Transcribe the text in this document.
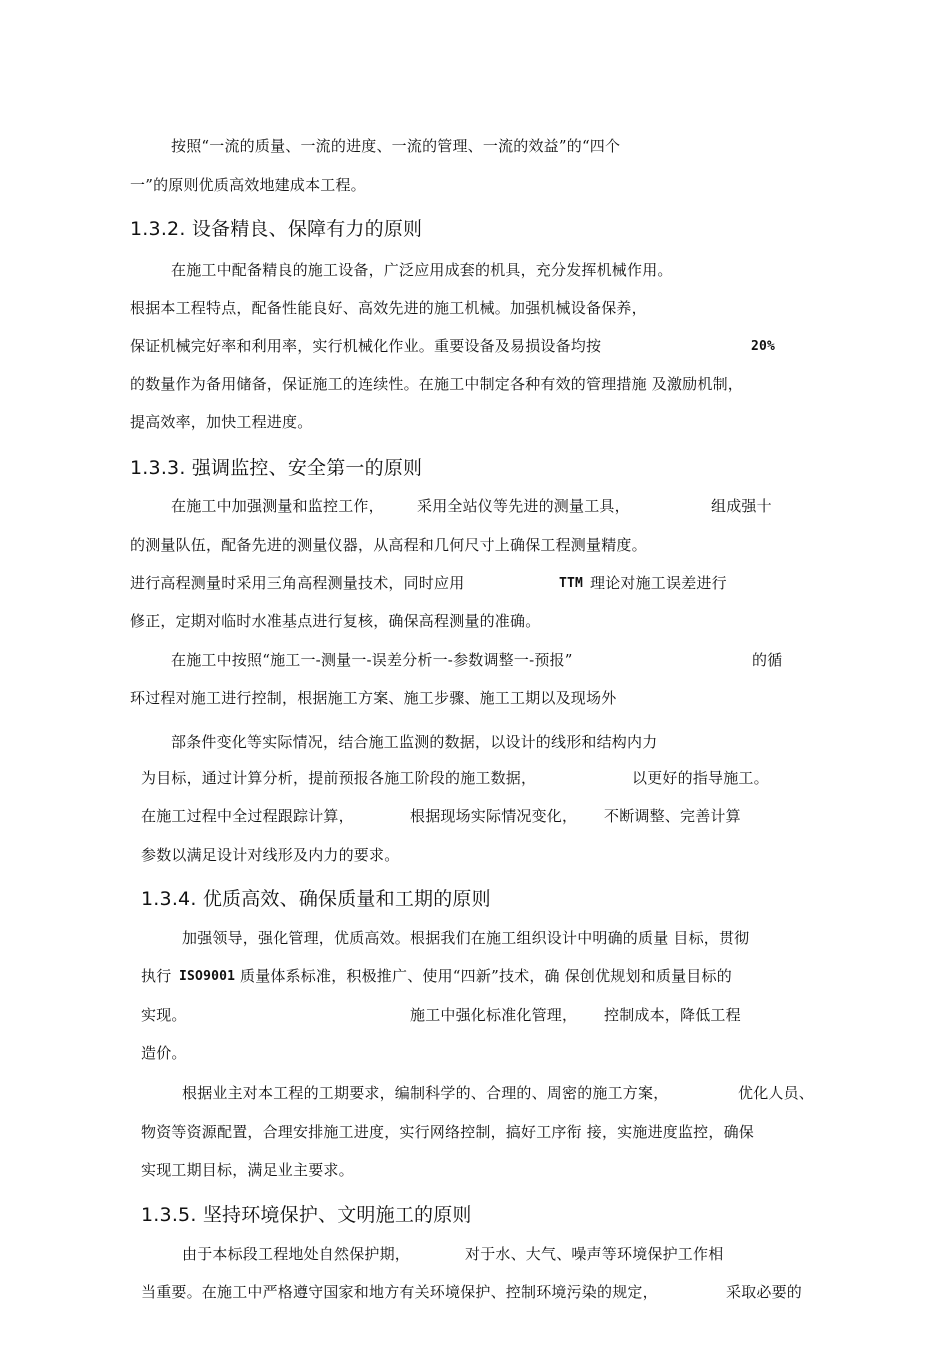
按照“一流的质量、一流的进度、一流的管理、一流的效益”的“四个
一”的原则优质高效地建成本工程。
1.3.2. 设备精良、保障有力的原则
在施工中配备精良的施工设备，广泛应用成套的机具，充分发挥机械作用。
根据本工程特点，配备性能良好、高效先进的施工机械。加强机械设备保养，
保证机械完好率和利用率，实行机械化作业。重要设备及易损设备均按	20%
的数量作为备用储备，保证施工的连续性。在施工中制定各种有效的管理措施 及激励机制，
提高效率，加快工程进度。
1.3.3. 强调监控、安全第一的原则
在施工中加强测量和监控工作， 采用全站仪等先进的测量工具，	组成强十
的测量队伍，配备先进的测量仪器，从高程和几何尺寸上确保工程测量精度。
进行高程测量时采用三角高程测量技术，同时应用	TTM 理论对施工误差进行
修正，定期对临时水准基点进行复核，确保高程测量的准确。
在施工中按照“施工一-测量一-误差分析一-参数调整一-预报”	的循
环过程对施工进行控制，根据施工方案、施工步骤、施工工期以及现场外
部条件变化等实际情况，结合施工监测的数据，以设计的线形和结构内力
为目标，通过计算分析，提前预报各施工阶段的施工数据，	以更好的指导施工。
在施工过程中全过程跟踪计算，	根据现场实际情况变化， 不断调整、完善计算
参数以满足设计对线形及内力的要求。
1.3.4. 优质高效、确保质量和工期的原则
加强领导，强化管理，优质高效。根据我们在施工组织设计中明确的质量 目标，贯彻
执行 ISO9001 质量体系标准，积极推广、使用“四新”技术，确 保创优规划和质量目标的
实现。	施工中强化标准化管理， 控制成本，降低工程
造价。
根据业主对本工程的工期要求，编制科学的、合理的、周密的施工方案，	优化人员、
物资等资源配置，合理安排施工进度，实行网络控制，搞好工序衔 接，实施进度监控，确保
实现工期目标，满足业主要求。
1.3.5. 坚持环境保护、文明施工的原则
由于本标段工程地处自然保护期，	对于水、大气、噪声等环境保护工作相
当重要。在施工中严格遵守国家和地方有关环境保护、控制环境污染的规定，	采取必要的
